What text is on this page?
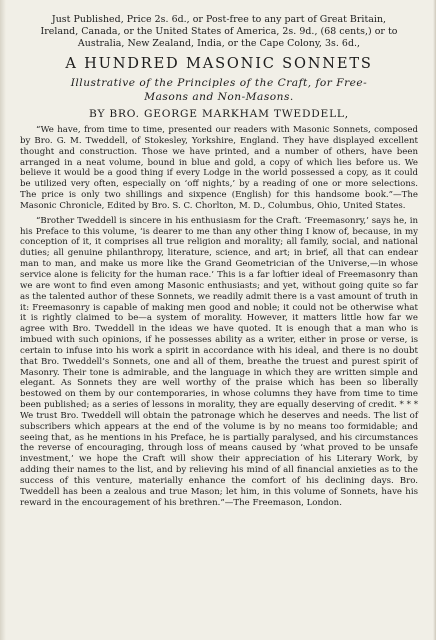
Just Published, Price 2s. 6d., or Post-free to any part of Great Britain,
Ireland, Canada, or the United States of America, 2s. 9d., (68 cents,) or to
Australia, New Zealand, India, or the Cape Colony, 3s. 6d.,
A HUNDRED MASONIC SONNETS
Illustrative of the Principles of the Craft, for Free-
Masons and Non-Masons.
BY BRO. GEORGE MARKHAM TWEDDELL,

“We have, from time to time, presented our readers with Masonic Sonnets, composed by Bro. G. M. Tweddell, of Stokesley, Yorkshire, England. They have displayed excellent thought and construction. Those we have printed, and a number of others, have been arranged in a neat volume, bound in blue and gold, a copy of which lies before us. We believe it would be a good thing if every Lodge in the world possessed a copy, as it could be utilized very often, especially on ‘off nights,’ by a reading of one or more selections. The price is only two shillings and sixpence (English) for this handsome book.”—The Masonic Chronicle, Edited by Bro. S. C. Chorlton, M. D., Columbus, Ohio, United States.

“Brother Tweddell is sincere in his enthusiasm for the Craft. ‘Freemasonry,’ says he, in his Preface to this volume, ‘is dearer to me than any other thing I know of, because, in my conception of it, it comprises all true religion and morality; all family, social, and national duties; all genuine philanthropy, literature, science, and art; in brief, all that can endear man to man, and make us more like the Grand Geometrician of the Universe,—in whose service alone is felicity for the human race.’ This is a far loftier ideal of Freemasonry than we are wont to find even among Masonic enthusiasts; and yet, without going quite so far as the talented author of these Sonnets, we readily admit there is a vast amount of truth in it: Freemasonry is capable of making men good and noble; it could not be otherwise what it is rightly claimed to be—a system of morality. However, it matters little how far we agree with Bro. Tweddell in the ideas we have quoted. It is enough that a man who is imbued with such opinions, if he possesses ability as a writer, either in prose or verse, is certain to infuse into his work a spirit in accordance with his ideal, and there is no doubt that Bro. Tweddell’s Sonnets, one and all of them, breathe the truest and purest spirit of Masonry. Their tone is admirable, and the language in which they are written simple and elegant. As Sonnets they are well worthy of the praise which has been so liberally bestowed on them by our contemporaries, in whose columns they have from time to time been published; as a series of lessons in morality, they are equally deserving of credit. * * * We trust Bro. Tweddell will obtain the patronage which he deserves and needs. The list of subscribers which appears at the end of the volume is by no means too formidable; and seeing that, as he mentions in his Preface, he is partially paralysed, and his circumstances the reverse of encouraging, through loss of means caused by ‘what proved to be unsafe investment,’ we hope the Craft will show their appreciation of his Literary Work, by adding their names to the list, and by relieving his mind of all financial anxieties as to the success of this venture, materially enhance the comfort of his declining days. Bro. Tweddell has been a zealous and true Mason; let him, in this volume of Sonnets, have his reward in the encouragement of his brethren.”—The Freemason, London.
